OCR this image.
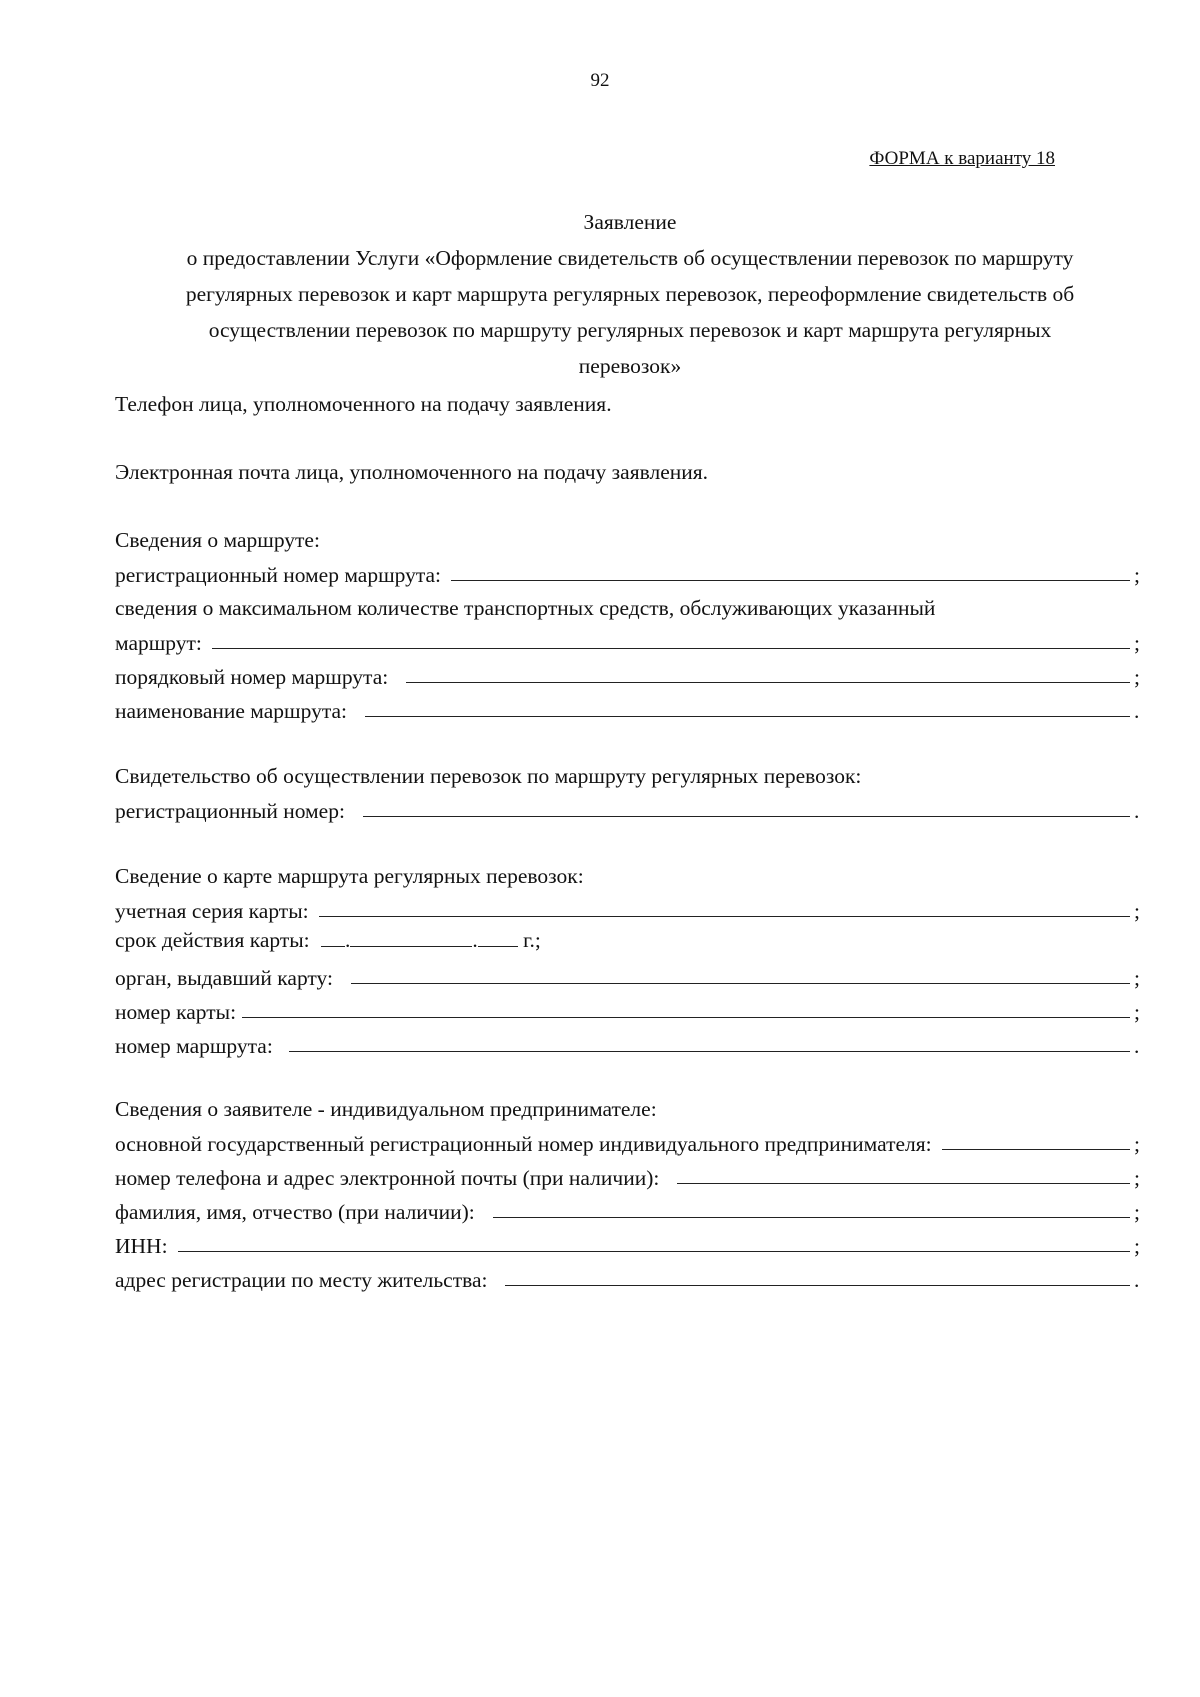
92
ФОРМА к варианту 18
Заявление
о предоставлении Услуги «Оформление свидетельств об осуществлении перевозок по маршруту
регулярных перевозок и карт маршрута регулярных перевозок, переоформление свидетельств об
осуществлении перевозок по маршруту регулярных перевозок и карт маршрута регулярных
перевозок»
Телефон лица, уполномоченного на подачу заявления.
Электронная почта лица, уполномоченного на подачу заявления.
Сведения о маршруте:
регистрационный номер маршрута:	;
сведения о максимальном количестве транспортных средств, обслуживающих указанный
маршрут:	;
порядковый номер маршрута:	;
наименование маршрута:	.
Свидетельство об осуществлении перевозок по маршруту регулярных перевозок:
регистрационный номер:	.
Сведение о карте маршрута регулярных перевозок:
учетная серия карты:	;
срок действия карты: .	. г.;
орган, выдавший карту:	;
номер карты:	;
номер маршрута:	.
Сведения о заявителе - индивидуальном предпринимателе:
основной государственный регистрационный номер индивидуального предпринимателя:	;
номер телефона и адрес электронной почты (при наличии):	;
фамилия, имя, отчество (при наличии):	;
ИНН:	;
адрес регистрации по месту жительства:	.
